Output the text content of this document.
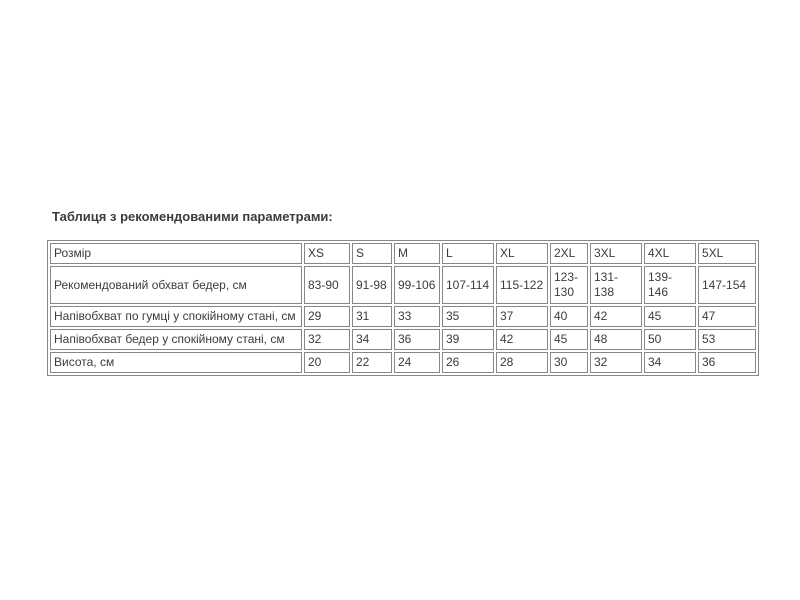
Таблиця з рекомендованими параметрами:
Розмір	XS	S	M	L	XL	2XL	3XL	4XL	5XL
Рекомендований обхват бедер, см	83-90	91-98	99-106	107-114	115-122	123-130	131-138	139-146	147-154
Напівобхват по гумці у спокійному стані, см	29	31	33	35	37	40	42	45	47
Напівобхват бедер у спокійному стані, см	32	34	36	39	42	45	48	50	53
Висота, см	20	22	24	26	28	30	32	34	36
